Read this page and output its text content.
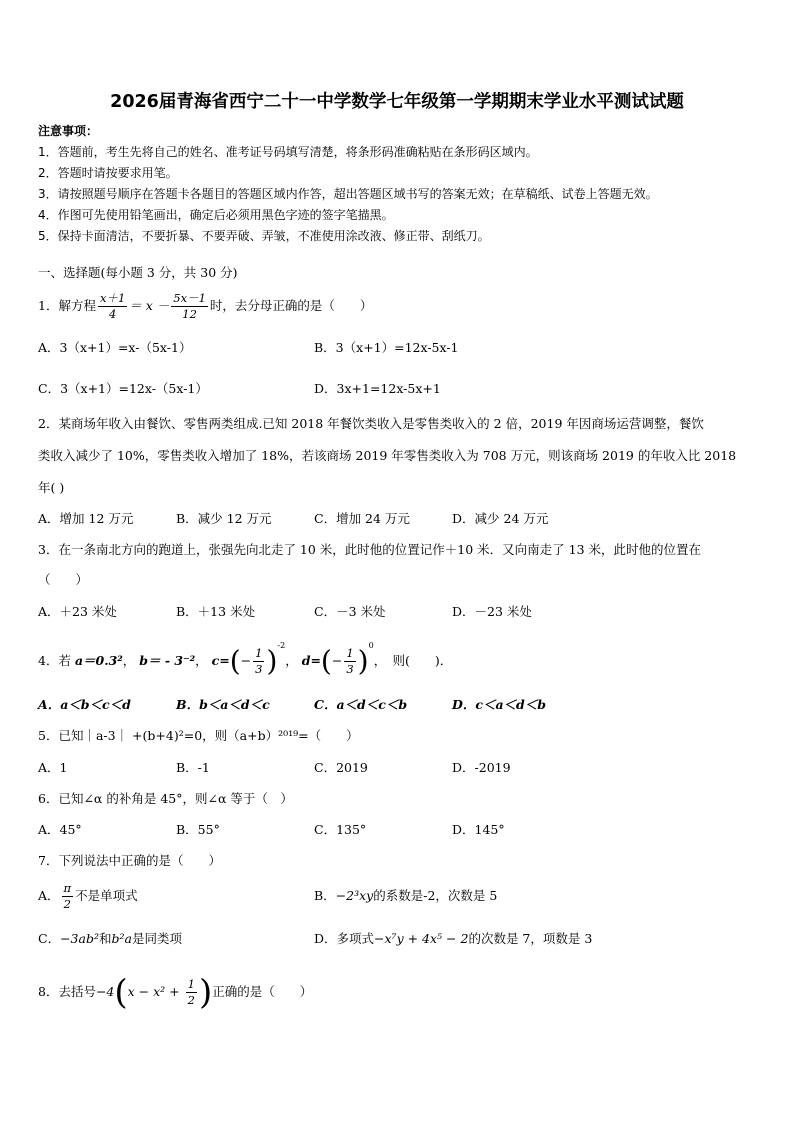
2026届青海省西宁二十一中学数学七年级第一学期期末学业水平测试试题
注意事项：
1．答题前，考生先将自己的姓名、准考证号码填写清楚，将条形码准确粘贴在条形码区域内。
2．答题时请按要求用笔。
3．请按照题号顺序在答题卡各题目的答题区域内作答，超出答题区域书写的答案无效；在草稿纸、试卷上答题无效。
4．作图可先使用铅笔画出，确定后必须用黑色字迹的签字笔描黑。
5．保持卡面清洁，不要折暴、不要弄破、弄皱，不准使用涂改液、修正带、刮纸刀。
一、选择题(每小题 3 分，共 30 分)
1．解方程 $\frac{x+1}{4} = x - \frac{5x-1}{12}$ 时，去分母正确的是（　　）
A．3（x+1）=x-（5x-1）	B．3（x+1）=12x-5x-1
C．3（x+1）=12x-（5x-1）	D．3x+1=12x-5x+1
2．某商场年收入由餐饮、零售两类组成.已知 2018 年餐饮类收入是零售类收入的 2 倍，2019 年因商场运营调整，餐饮
类收入减少了 10%，零售类收入增加了 18%，若该商场 2019 年零售类收入为 708 万元，则该商场 2019 的年收入比 2018
年( )
A．增加 12 万元	B．减少 12 万元	C．增加 24 万元	D．减少 24 万元
3．在一条南北方向的跑道上，张强先向北走了 10 米，此时他的位置记作＋10 米．又向南走了 13 米，此时他的位置在
（　　）
A．＋23 米处	B．＋13 米处	C．－3 米处	D．－23 米处
4．若 a＝0.3²， b＝ - 3⁻²， $c=(- \frac{1}{3} )^{-2}$， $d=(- \frac{1}{3} )^0$，　则(　　)．
A．a＜b＜c＜d	B．b＜a＜d＜c	C．a＜d＜c＜b	D．c＜a＜d＜b
5．已知｜a-3｜ +(b+4)²=0，则（a+b）²⁰¹⁹=（　　）
A．1	B．-1	C．2019	D．-2019
6．已知∠α 的补角是 45°，则∠α 等于（　）
A．45°	B．55°	C．135°	D．145°
7．下列说法中正确的是（　　）
A． $\frac{\pi}{2}$ 不是单项式	B．−2³xy的系数是-2，次数是 5
C．−3ab²和b²a是同类项	D．多项式−x⁷y + 4x⁵ − 2的次数是 7，项数是 3
8．去括号$-4(x - x^2 + \frac{1}{2}$ )正确的是（　　）
